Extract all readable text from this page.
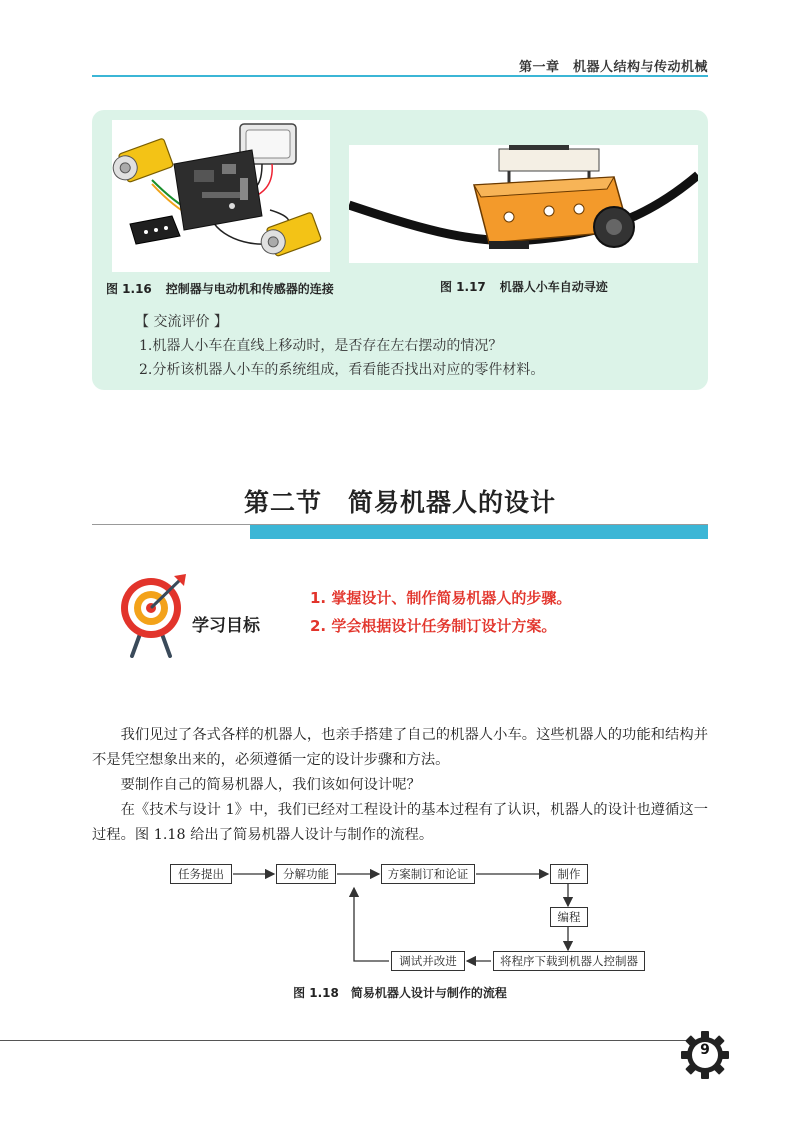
第一章　机器人结构与传动机械
图 1.16 控制器与电动机和传感器的连接	图 1.17 机器人小车自动寻迹
【 交流评价 】
1.机器人小车在直线上移动时，是否存在左右摆动的情况？
2.分析该机器人小车的系统组成，看看能否找出对应的零件材料。
第二节　简易机器人的设计
学习目标
1. 掌握设计、制作简易机器人的步骤。
2. 学会根据设计任务制订设计方案。

我们见过了各式各样的机器人，也亲手搭建了自己的机器人小车。这些机器人的功能和结构并不是凭空想象出来的，必须遵循一定的设计步骤和方法。

要制作自己的简易机器人，我们该如何设计呢？

在《技术与设计 1》中，我们已经对工程设计的基本过程有了认识，机器人的设计也遵循这一过程。图 1.18 给出了简易机器人设计与制作的流程。

任务提出	分解功能	方案制订和论证	制作
编程
将程序下载到机器人控制器
调试并改进
图 1.18　简易机器人设计与制作的流程
9
